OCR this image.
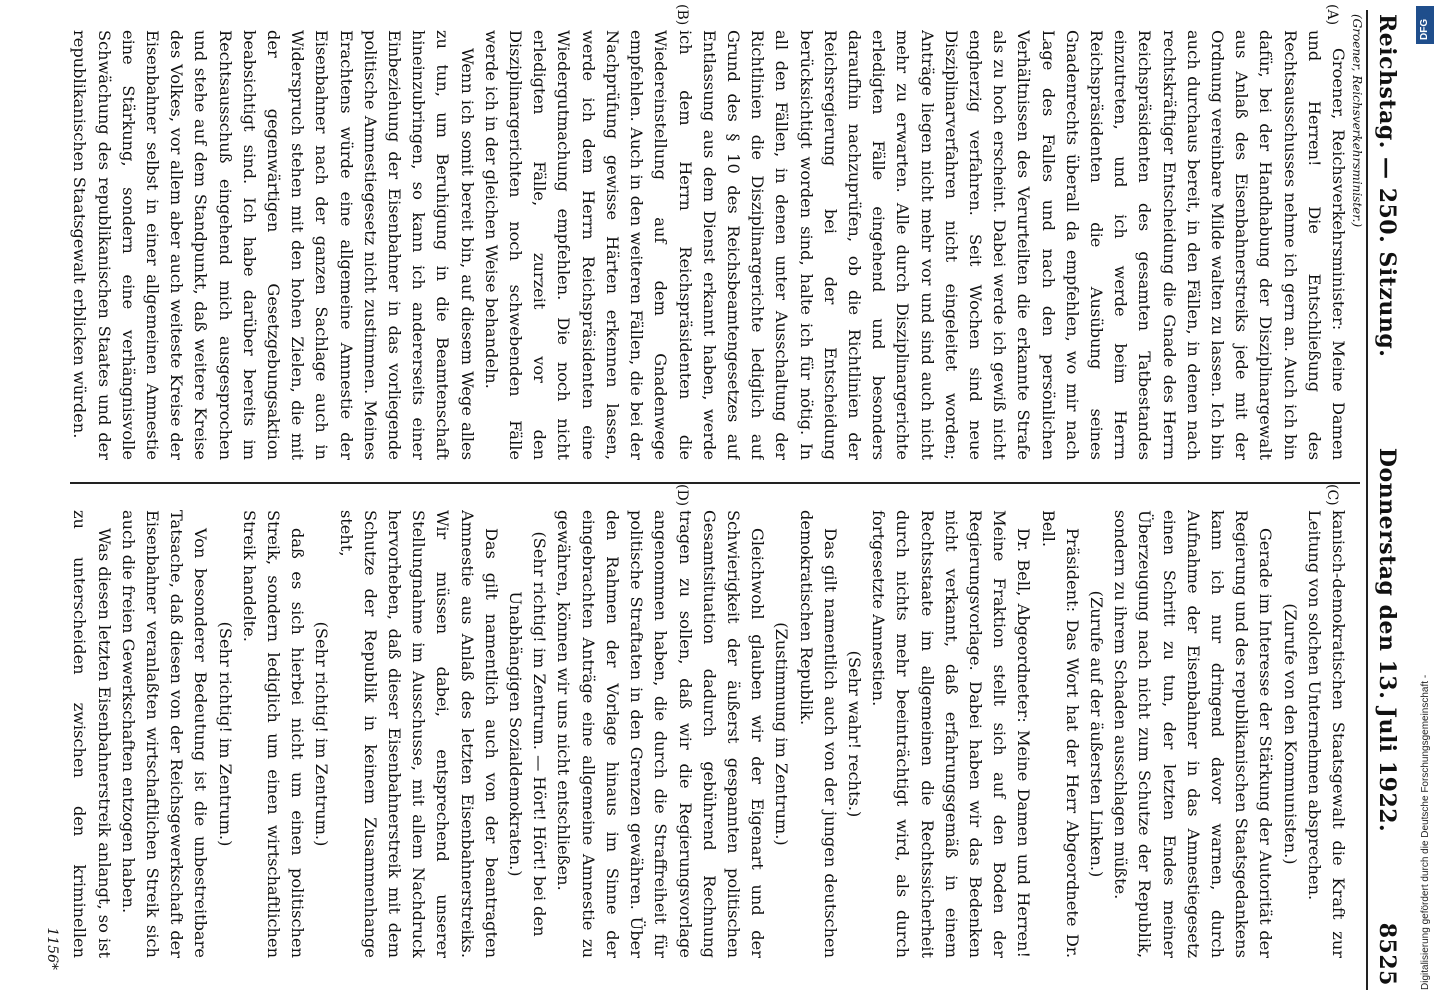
Reichstag. — 250. Sitzung.
Donnerstag den 13. Juli 1922.
8525
(Groener, Reichsverkehrsminister.)
(A)
(B)
(C)
(D)

Groener, Reichsverkehrsminister: Meine Damen und Herren! Die Entschließung des Rechtsausschusses nehme ich gern an. Auch ich bin dafür, bei der Handhabung der Disziplinargewalt aus Anlaß des Eisenbahnerstreiks jede mit der Ordnung vereinbare Milde walten zu lassen. Ich bin auch durchaus bereit, in den Fällen, in denen nach rechtskräftiger Entscheidung die Gnade des Herrn Reichspräsidenten des gesamten Tatbestandes einzutreten, und ich werde beim Herrn Reichspräsidenten die Ausübung seines Gnadenrechts überall da empfehlen, wo mir nach Lage des Falles und nach den persönlichen Verhältnissen des Verurteilten die erkannte Strafe als zu hoch erscheint. Dabei werde ich gewiß nicht engherzig verfahren. Seit Wochen sind neue Disziplinarverfahren nicht eingeleitet worden; Anträge liegen nicht mehr vor und sind auch nicht mehr zu erwarten. Alle durch Disziplinargerichte erledigten Fälle eingehend und besonders daraufhin nachzuprüfen, ob die Richtlinien der Reichsregierung bei der Entscheidung berücksichtigt worden sind, halte ich für nötig. In all den Fällen, in denen unter Ausschaltung der Richtlinien die Disziplinargerichte lediglich auf Grund des § 10 des Reichsbeamtengesetzes auf Entlassung aus dem Dienst erkannt haben, werde ich dem Herrn Reichspräsidenten die Wiedereinstellung auf dem Gnadenwege empfehlen. Auch in den weiteren Fällen, die bei der Nachprüfung gewisse Härten erkennen lassen, werde ich dem Herrn Reichspräsidenten eine Wiedergutmachung empfehlen. Die noch nicht erledigten Fälle, zurzeit vor den Disziplinargerichten noch schwebenden Fälle werde ich in der gleichen Weise behandeln.

Wenn ich somit bereit bin, auf diesem Wege alles zu tun, um Beruhigung in die Beamtenschaft hineinzubringen, so kann ich andererseits einer Einbeziehung der Eisenbahner in das vorliegende politische Amnestiegesetz nicht zustimmen. Meines Erachtens würde eine allgemeine Amnestie der Eisenbahner nach der ganzen Sachlage auch in Widerspruch stehen mit den hohen Zielen, die mit der gegenwärtigen Gesetzgebungsaktion beabsichtigt sind. Ich habe darüber bereits im Rechtsausschuß eingehend mich ausgesprochen und stehe auf dem Standpunkt, daß weitere Kreise des Volkes, vor allem aber auch weiteste Kreise der Eisenbahner selbst in einer allgemeinen Amnestie eine Stärkung, sondern eine verhängnisvolle Schwächung des republikanischen Staates und der republikanischen Staatsgewalt erblicken würden.

kanisch-demokratischen Staatsgewalt die Kraft zur Leitung von solchen Unternehmen absprechen.

(Zurufe von den Kommunisten.)

Gerade im Interesse der Stärkung der Autorität der Regierung und des republikanischen Staatsgedankens kann ich nur dringend davor warnen, durch Aufnahme der Eisenbahner in das Amnestiegesetz einen Schritt zu tun, der letzten Endes meiner Überzeugung nach nicht zum Schutze der Republik, sondern zu ihrem Schaden ausschlagen müßte.

(Zurufe auf der äußersten Linken.)

Präsident: Das Wort hat der Herr Abgeordnete Dr. Bell.

Dr. Bell, Abgeordneter: Meine Damen und Herren! Meine Fraktion stellt sich auf den Boden der Regierungsvorlage. Dabei haben wir das Bedenken nicht verkannt, daß erfahrungsgemäß in einem Rechtsstaate im allgemeinen die Rechtssicherheit durch nichts mehr beeinträchtigt wird, als durch fortgesetzte Amnestien.

(Sehr wahr! rechts.)

Das gilt namentlich auch von der jungen deutschen demokratischen Republik.

(Zustimmung im Zentrum.)

Gleichwohl glauben wir der Eigenart und der Schwierigkeit der äußerst gespannten politischen Gesamtsituation dadurch gebührend Rechnung tragen zu sollen, daß wir die Regierungsvorlage angenommen haben, die durch die Straffreiheit für politische Straftaten in den Grenzen gewähren. Über den Rahmen der Vorlage hinaus im Sinne der eingebrachten Anträge eine allgemeine Amnestie zu gewähren, können wir uns nicht entschließen.

(Sehr richtig! im Zentrum. — Hört! Hört! bei den Unabhängigen Sozialdemokraten.)

Das gilt namentlich auch von der beantragten Amnestie aus Anlaß des letzten Eisenbahnerstreiks. Wir müssen dabei, entsprechend unserer Stellungnahme im Ausschusse, mit allem Nachdruck hervorheben, daß dieser Eisenbahnerstreik mit dem Schutze der Republik in keinem Zusammenhange steht,

(Sehr richtig! im Zentrum.)

daß es sich hierbei nicht um einen politischen Streik, sondern lediglich um einen wirtschaftlichen Streik handelte.

(Sehr richtig! im Zentrum.)

Von besonderer Bedeutung ist die unbestreitbare Tatsache, daß diesen von der Reichsgewerkschaft der Eisenbahner veranlaßten wirtschaftlichen Streik sich auch die freien Gewerkschaften entzogen haben.

Was diesen letzten Eisenbahnerstreik anlangt, so ist zu unterscheiden zwischen den kriminellen

1156*
DFG
Digitalisierung gefördert durch die Deutsche Forschungsgemeinschaft -
